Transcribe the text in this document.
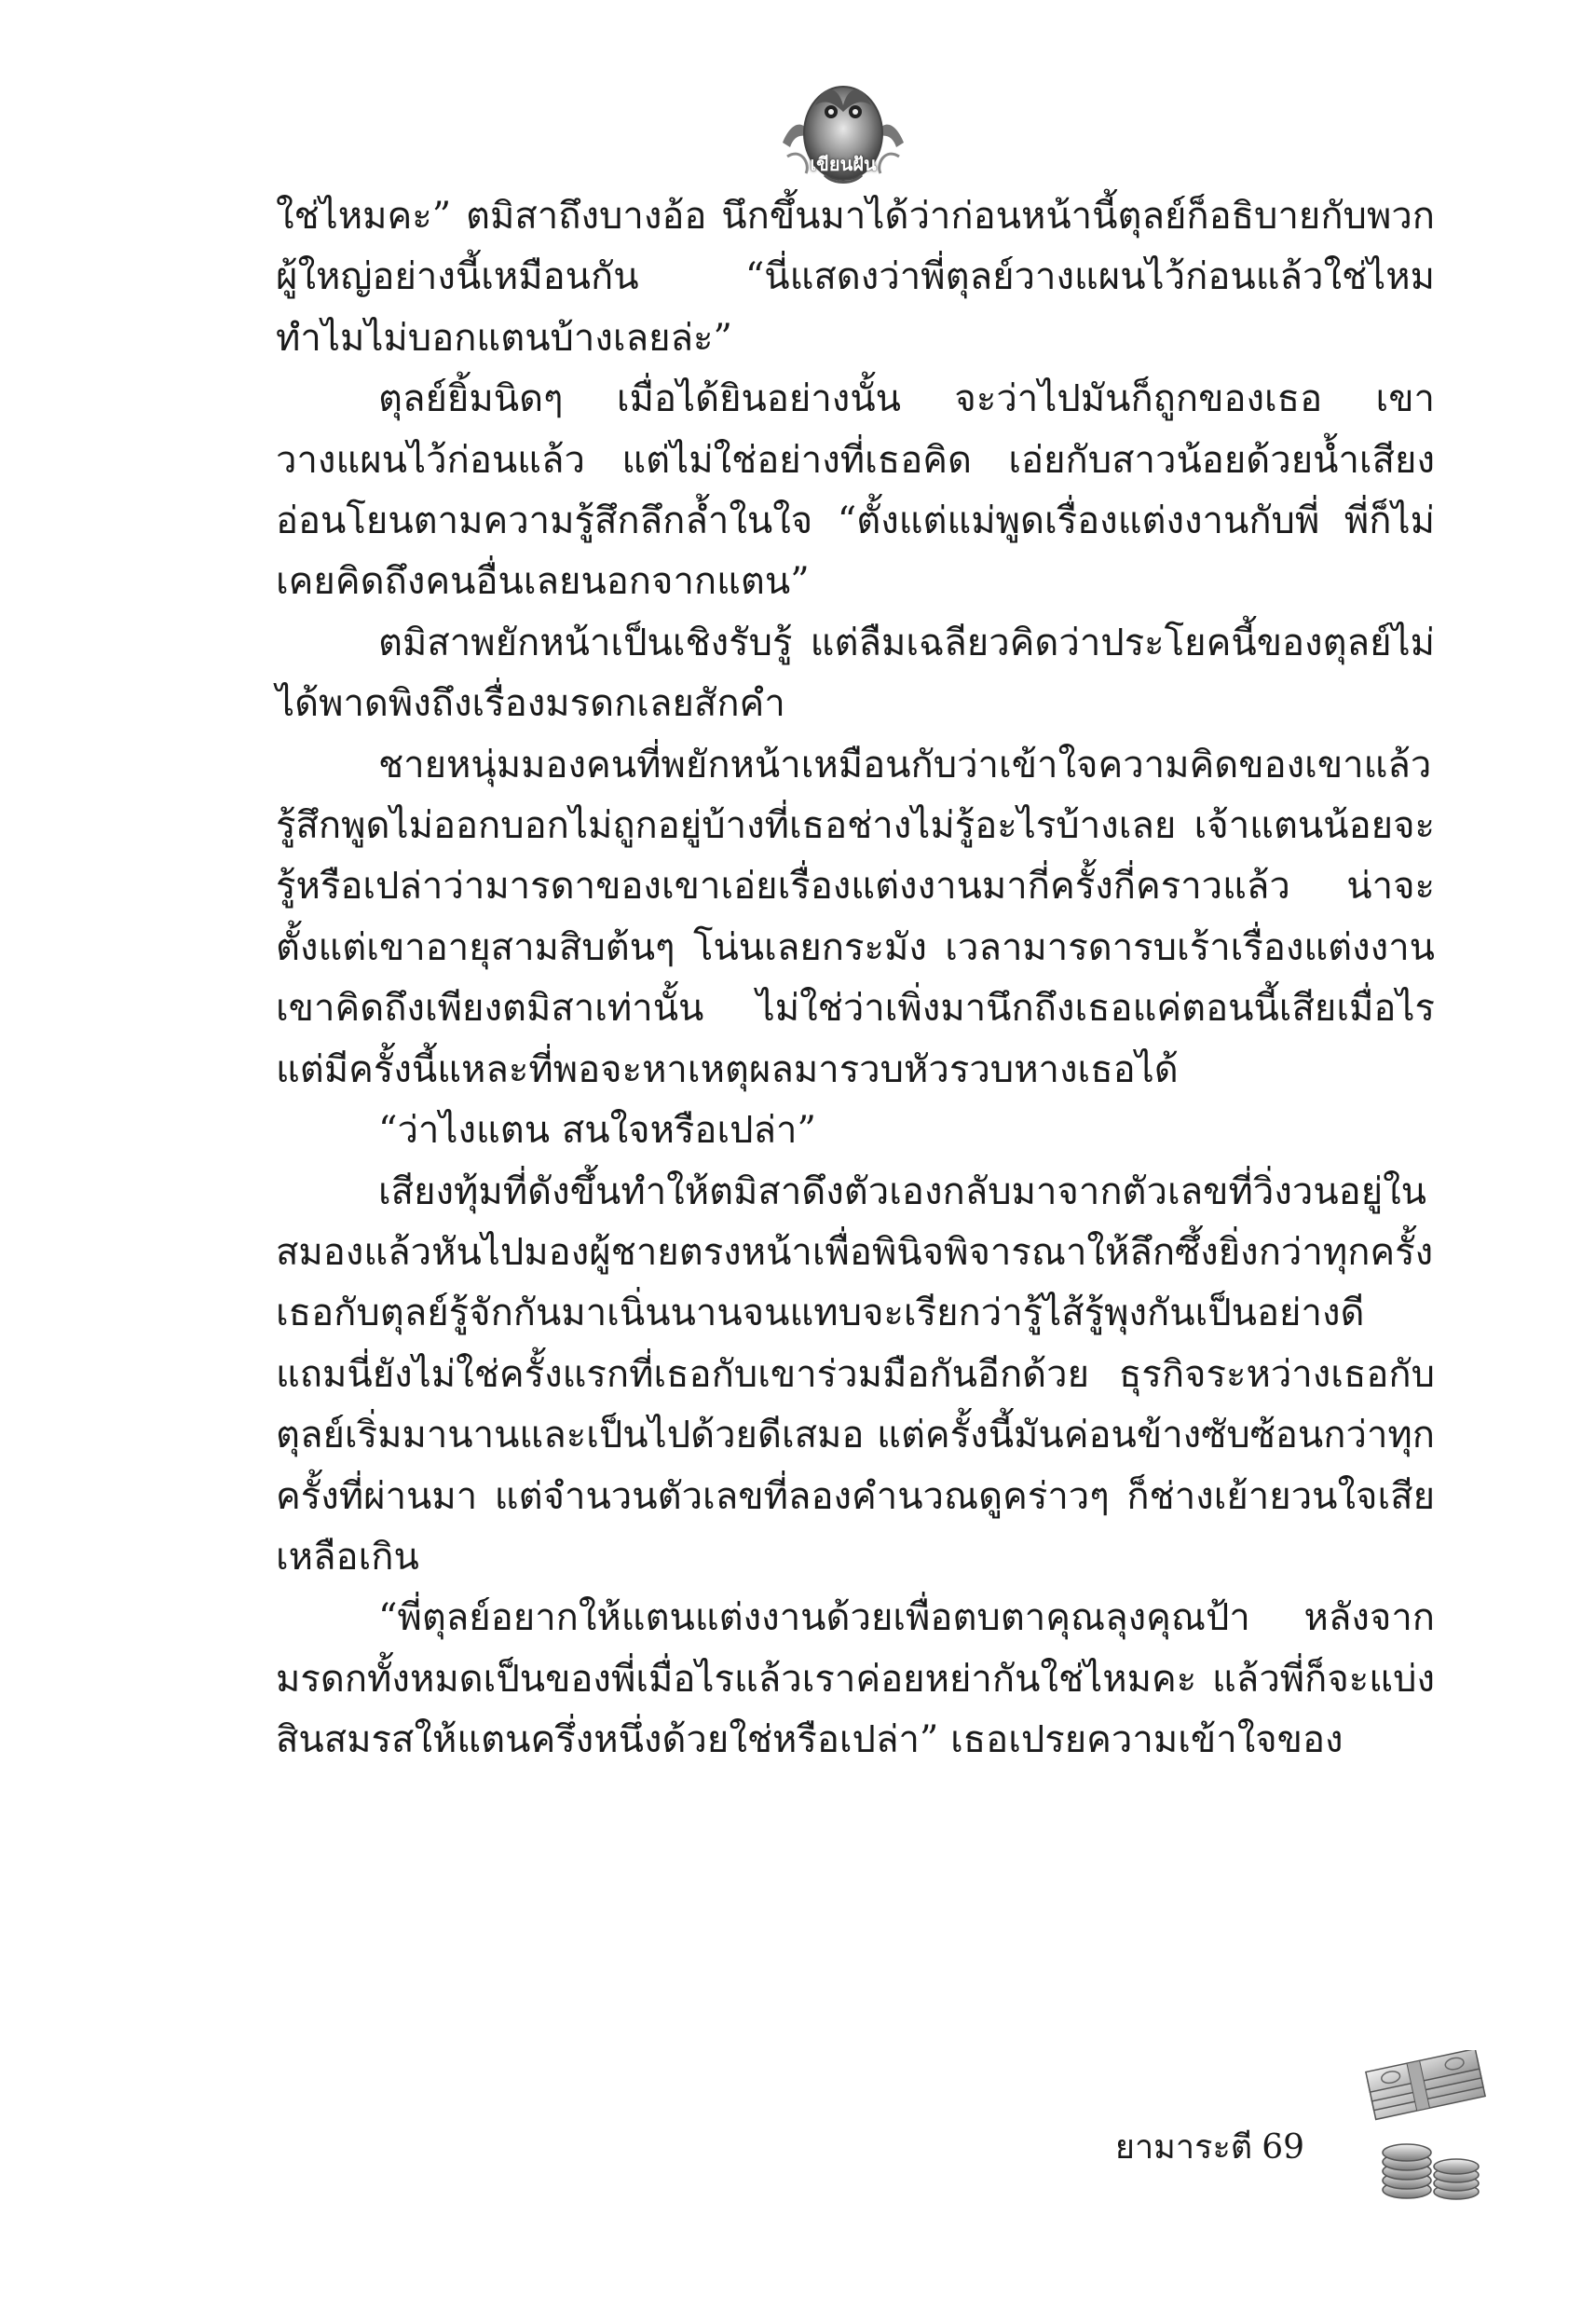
เขียนฝัน

ใช่ไหมคะ” ตมิสาถึงบางอ้อ นึกขึ้นมาได้ว่าก่อนหน้านี้ตุลย์ก็อธิบายกับพวกผู้ใหญ่อย่างนี้เหมือนกัน “นี่แสดงว่าพี่ตุลย์วางแผนไว้ก่อนแล้วใช่ไหม ทำไมไม่บอกแตนบ้างเลยล่ะ”

ตุลย์ยิ้มนิดๆ เมื่อได้ยินอย่างนั้น จะว่าไปมันก็ถูกของเธอ เขาวางแผนไว้ก่อนแล้ว แต่ไม่ใช่อย่างที่เธอคิด เอ่ยกับสาวน้อยด้วยน้ำเสียงอ่อนโยนตามความรู้สึกลึกล้ำในใจ “ตั้งแต่แม่พูดเรื่องแต่งงานกับพี่ พี่ก็ไม่เคยคิดถึงคนอื่นเลยนอกจากแตน”

ตมิสาพยักหน้าเป็นเชิงรับรู้ แต่ลืมเฉลียวคิดว่าประโยคนี้ของตุลย์ไม่ได้พาดพิงถึงเรื่องมรดกเลยสักคำ

ชายหนุ่มมองคนที่พยักหน้าเหมือนกับว่าเข้าใจความคิดของเขาแล้ว รู้สึกพูดไม่ออกบอกไม่ถูกอยู่บ้างที่เธอช่างไม่รู้อะไรบ้างเลย เจ้าแตนน้อยจะรู้หรือเปล่าว่ามารดาของเขาเอ่ยเรื่องแต่งงานมากี่ครั้งกี่คราวแล้ว น่าจะตั้งแต่เขาอายุสามสิบต้นๆ โน่นเลยกระมัง เวลามารดารบเร้าเรื่องแต่งงาน เขาคิดถึงเพียงตมิสาเท่านั้น ไม่ใช่ว่าเพิ่งมานึกถึงเธอแค่ตอนนี้เสียเมื่อไร แต่มีครั้งนี้แหละที่พอจะหาเหตุผลมารวบหัวรวบหางเธอได้

“ว่าไงแตน สนใจหรือเปล่า”

เสียงทุ้มที่ดังขึ้นทำให้ตมิสาดึงตัวเองกลับมาจากตัวเลขที่วิ่งวนอยู่ในสมองแล้วหันไปมองผู้ชายตรงหน้าเพื่อพินิจพิจารณาให้ลึกซึ้งยิ่งกว่าทุกครั้ง เธอกับตุลย์รู้จักกันมาเนิ่นนานจนแทบจะเรียกว่ารู้ไส้รู้พุงกันเป็นอย่างดี แถมนี่ยังไม่ใช่ครั้งแรกที่เธอกับเขาร่วมมือกันอีกด้วย ธุรกิจระหว่างเธอกับตุลย์เริ่มมานานและเป็นไปด้วยดีเสมอ แต่ครั้งนี้มันค่อนข้างซับซ้อนกว่าทุกครั้งที่ผ่านมา แต่จำนวนตัวเลขที่ลองคำนวณดูคร่าวๆ ก็ช่างเย้ายวนใจเสียเหลือเกิน

“พี่ตุลย์อยากให้แตนแต่งงานด้วยเพื่อตบตาคุณลุงคุณป้า หลังจากมรดกทั้งหมดเป็นของพี่เมื่อไรแล้วเราค่อยหย่ากันใช่ไหมคะ แล้วพี่ก็จะแบ่งสินสมรสให้แตนครึ่งหนึ่งด้วยใช่หรือเปล่า” เธอเปรยความเข้าใจของ

ยามาระตี 69
